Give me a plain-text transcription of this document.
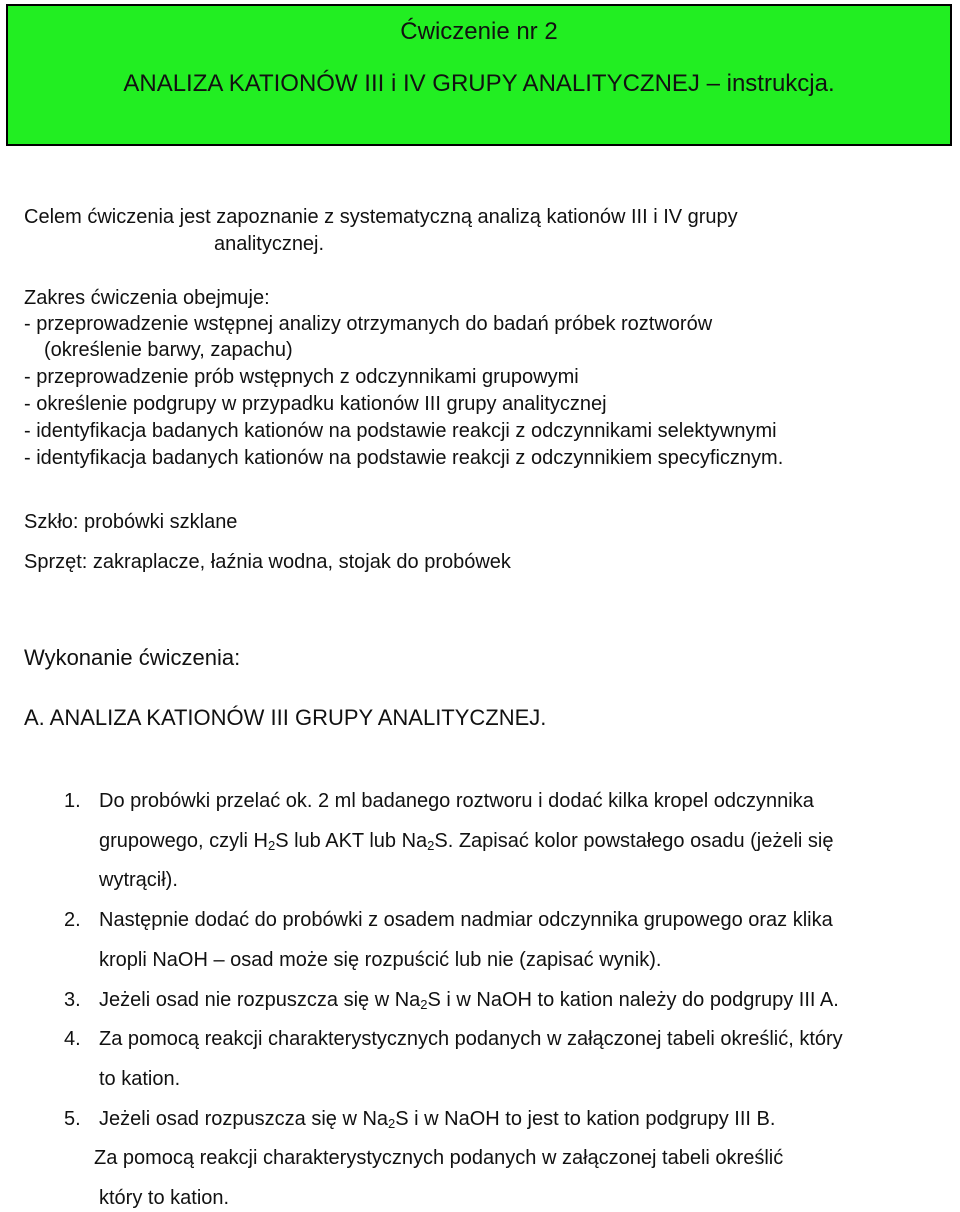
Ćwiczenie nr 2
ANALIZA KATIONÓW III i IV GRUPY ANALITYCZNEJ – instrukcja.
Celem ćwiczenia jest zapoznanie z systematyczną analizą kationów III i IV grupy
analitycznej.
Zakres ćwiczenia obejmuje:
- przeprowadzenie wstępnej analizy otrzymanych do badań próbek roztworów
(określenie barwy, zapachu)
- przeprowadzenie prób wstępnych z odczynnikami grupowymi
- określenie podgrupy w przypadku kationów III grupy analitycznej
- identyfikacja badanych kationów na podstawie reakcji z odczynnikami selektywnymi
- identyfikacja badanych kationów na podstawie reakcji z odczynnikiem specyficznym.
Szkło: probówki szklane
Sprzęt: zakraplacze, łaźnia wodna, stojak do probówek
Wykonanie ćwiczenia:
A. ANALIZA KATIONÓW III GRUPY ANALITYCZNEJ.
1. Do probówki przelać ok. 2 ml badanego roztworu i dodać kilka kropel odczynnika
grupowego, czyli $H_2S$ lub AKT lub $Na_2S$. Zapisać kolor powstałego osadu (jeżeli się
wytrącił).
2. Następnie dodać do probówki z osadem nadmiar odczynnika grupowego oraz klika
kropli NaOH – osad może się rozpuścić lub nie (zapisać wynik).
3. Jeżeli osad nie rozpuszcza się w $Na_2S$ i w NaOH to kation należy do podgrupy III A.
4. Za pomocą reakcji charakterystycznych podanych w załączonej tabeli określić, który
to kation.
5. Jeżeli osad rozpuszcza się w $Na_2S$ i w NaOH to jest to kation podgrupy III B.
Za pomocą reakcji charakterystycznych podanych w załączonej tabeli określić
który to kation.
